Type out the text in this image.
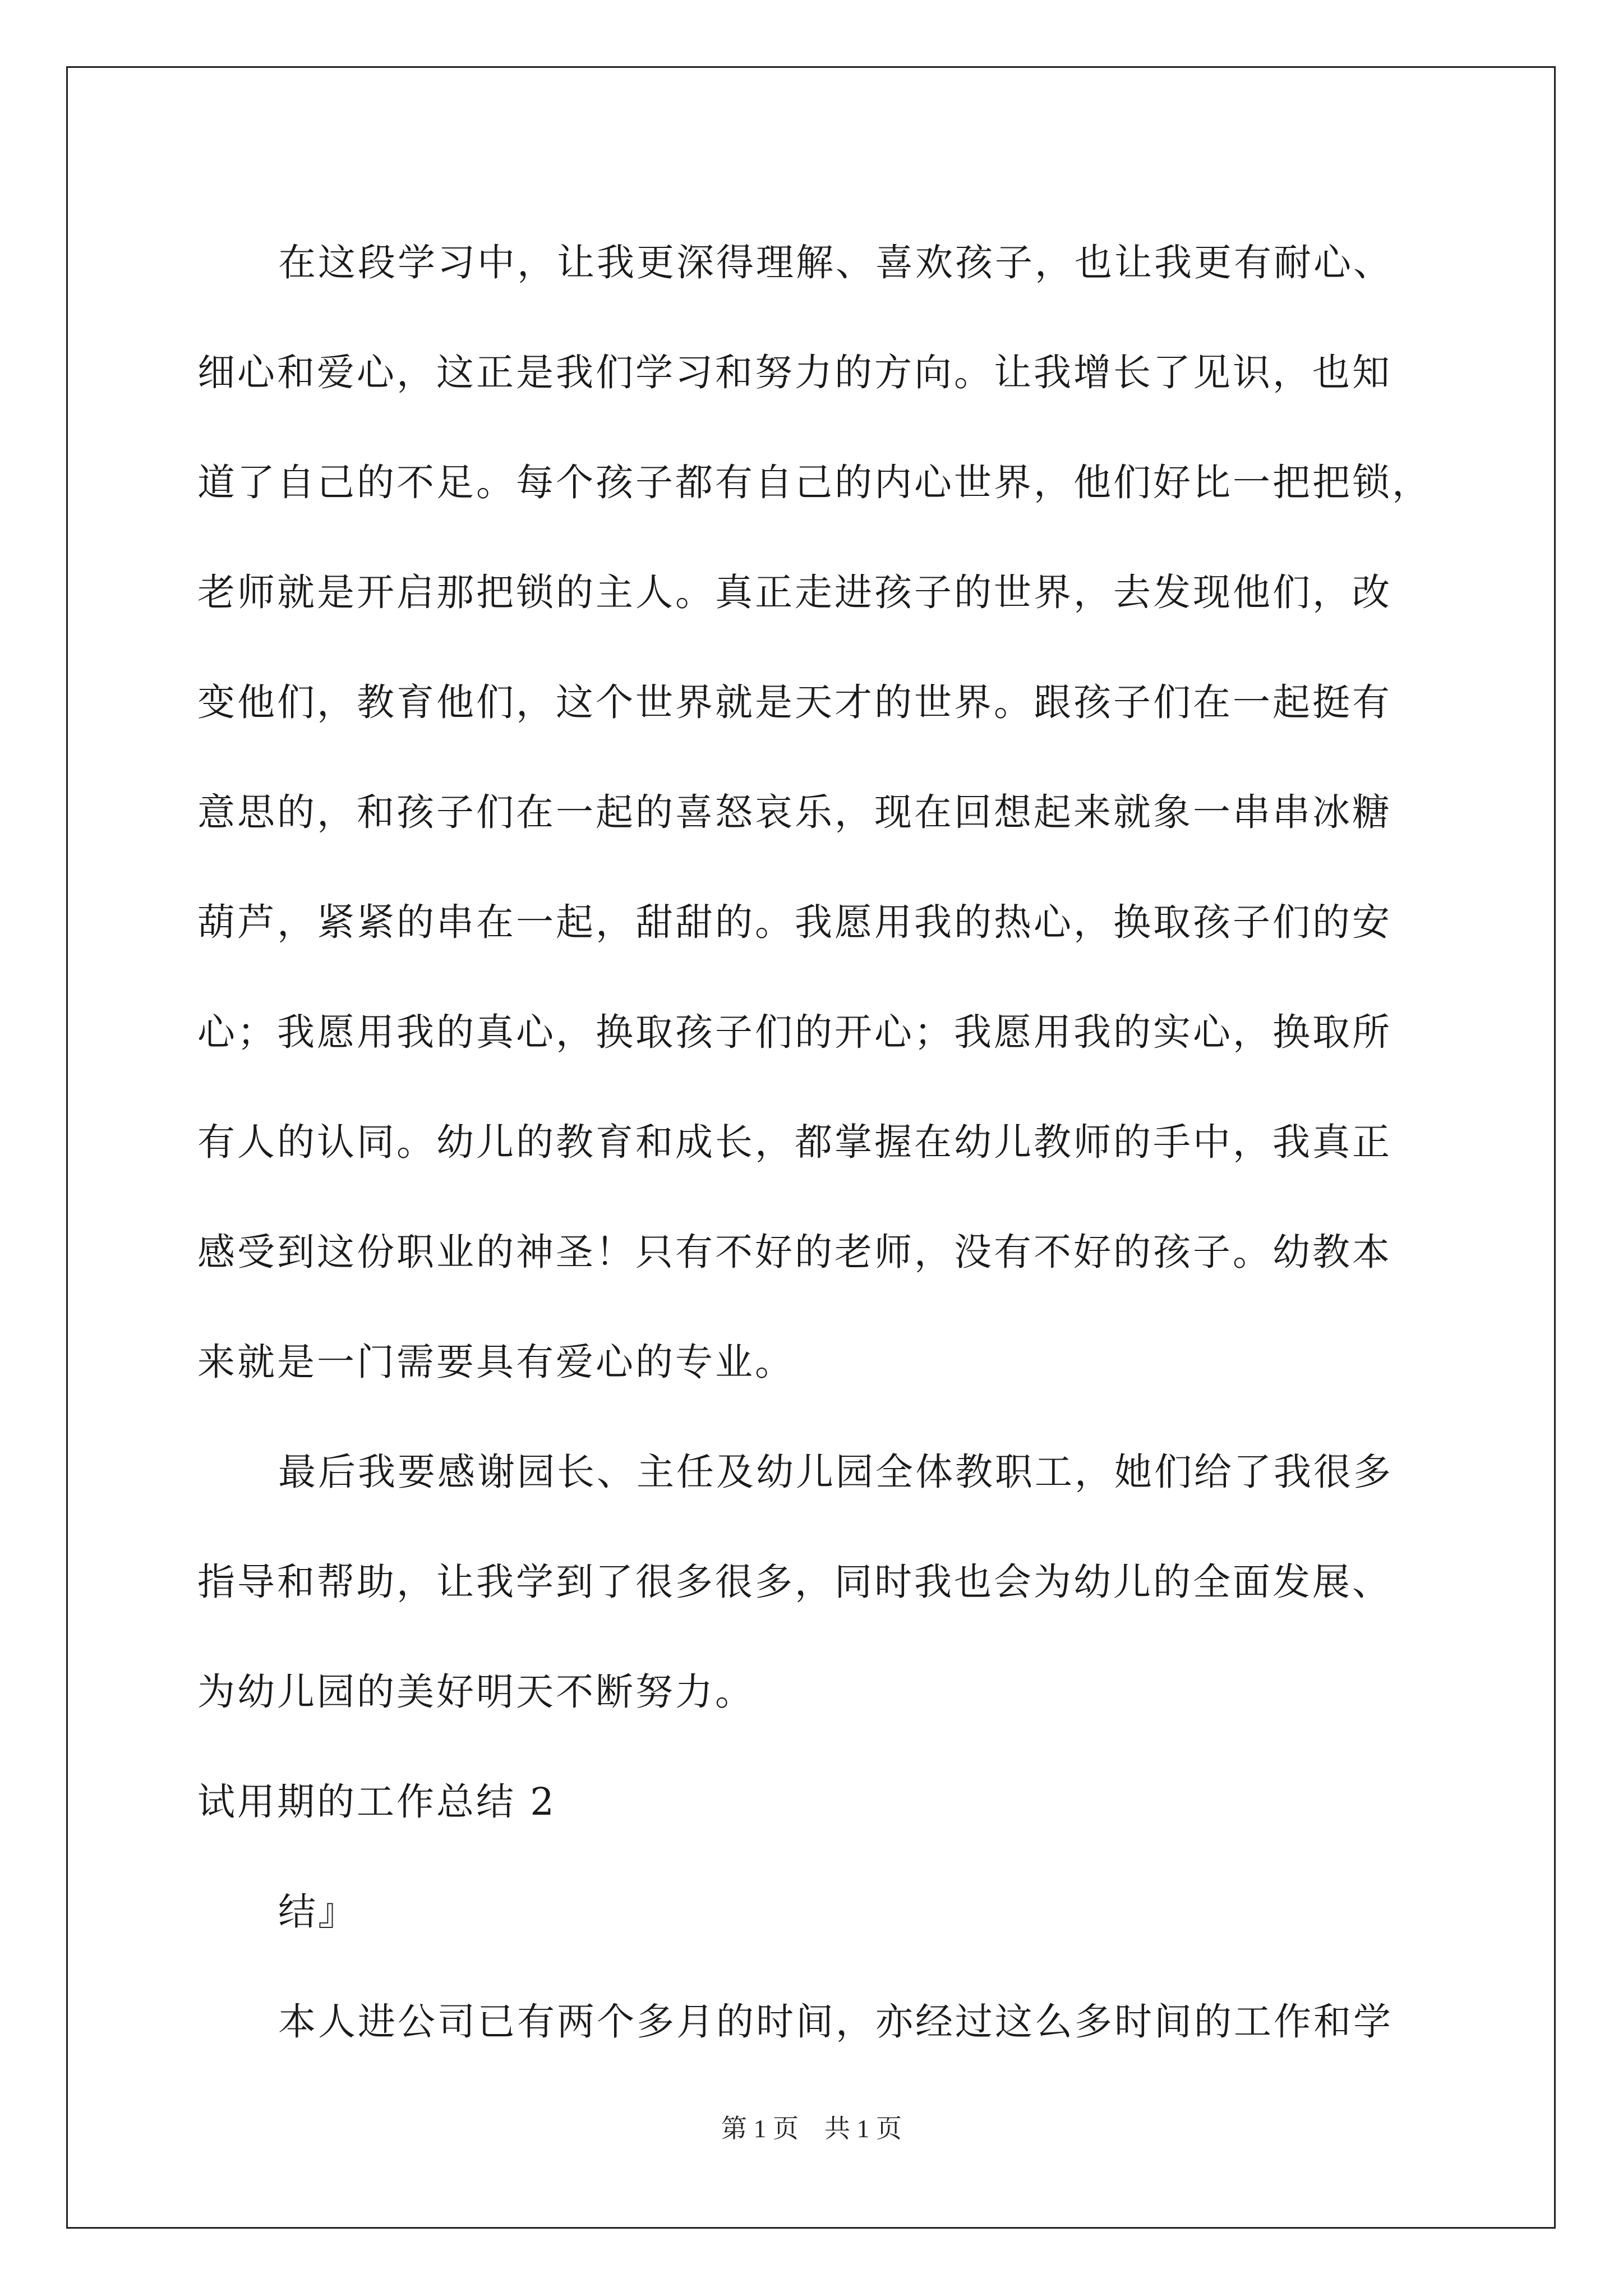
在这段学习中，让我更深得理解、喜欢孩子，也让我更有耐心、
细心和爱心，这正是我们学习和努力的方向。让我增长了见识，也知
道了自己的不足。每个孩子都有自己的内心世界，他们好比一把把锁，
老师就是开启那把锁的主人。真正走进孩子的世界，去发现他们，改
变他们，教育他们，这个世界就是天才的世界。跟孩子们在一起挺有
意思的，和孩子们在一起的喜怒哀乐，现在回想起来就象一串串冰糖
葫芦，紧紧的串在一起，甜甜的。我愿用我的热心，换取孩子们的安
心；我愿用我的真心，换取孩子们的开心；我愿用我的实心，换取所
有人的认同。幼儿的教育和成长，都掌握在幼儿教师的手中，我真正
感受到这份职业的神圣！只有不好的老师，没有不好的孩子。幼教本
来就是一门需要具有爱心的专业。
最后我要感谢园长、主任及幼儿园全体教职工，她们给了我很多
指导和帮助，让我学到了很多很多，同时我也会为幼儿的全面发展、
为幼儿园的美好明天不断努力。
试用期的工作总结 2
结』
本人进公司已有两个多月的时间，亦经过这么多时间的工作和学
第 1 页    共 1 页
